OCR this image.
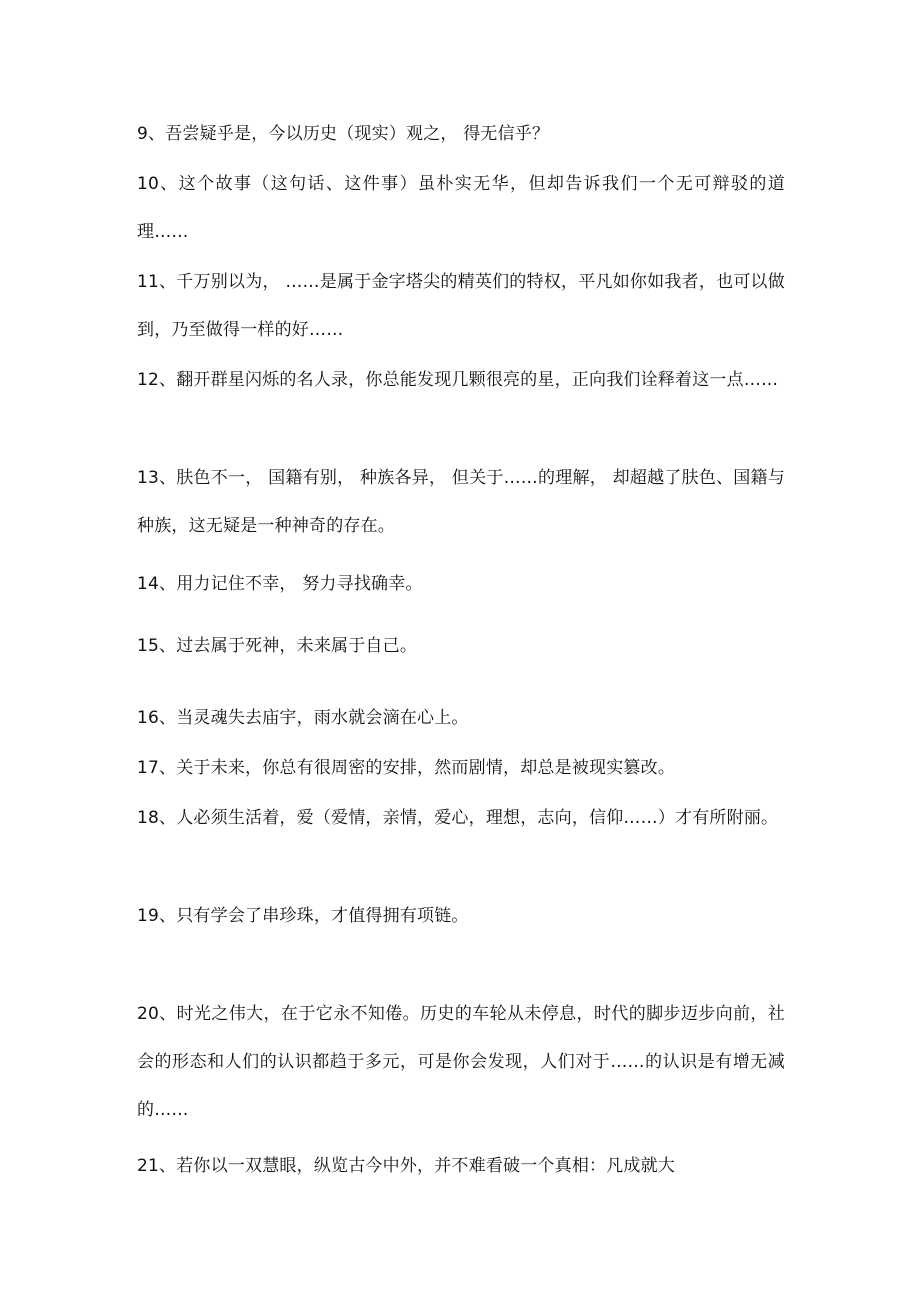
9、吾尝疑乎是，今以历史（现实）观之， 得无信乎？

10、这个故事（这句话、这件事）虽朴实无华，但却告诉我们一个无可辩驳的道理……

11、千万别以为， ……是属于金字塔尖的精英们的特权，平凡如你如我者，也可以做到，乃至做得一样的好……

12、翻开群星闪烁的名人录，你总能发现几颗很亮的星，正向我们诠释着这一点……

13、肤色不一， 国籍有别， 种族各异， 但关于……的理解， 却超越了肤色、国籍与种族，这无疑是一种神奇的存在。

14、用力记住不幸， 努力寻找确幸。

15、过去属于死神，未来属于自己。

16、当灵魂失去庙宇，雨水就会滴在心上。

17、关于未来，你总有很周密的安排，然而剧情，却总是被现实篡改。

18、人必须生活着，爱（爱情，亲情，爱心，理想，志向，信仰……）才有所附丽。

19、只有学会了串珍珠，才值得拥有项链。

20、时光之伟大，在于它永不知倦。历史的车轮从未停息，时代的脚步迈步向前，社会的形态和人们的认识都趋于多元，可是你会发现，人们对于……的认识是有增无减的……

21、若你以一双慧眼，纵览古今中外，并不难看破一个真相：凡成就大
